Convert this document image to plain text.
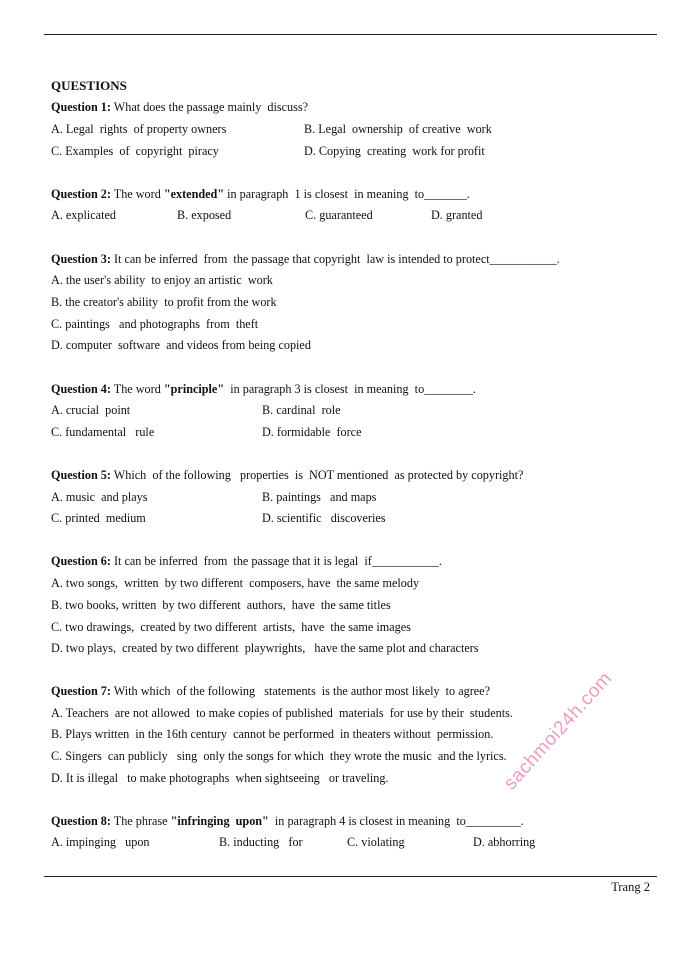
QUESTIONS
Question 1: What does the passage mainly  discuss?
A. Legal  rights  of property owners	B. Legal  ownership  of creative  work
C. Examples  of  copyright  piracy	D. Copying  creating  work for profit
Question 2: The word "extended" in paragraph  1 is closest  in meaning  to_______.
A. explicated	B. exposed	C. guaranteed	D. granted
Question 3: It can be inferred  from  the passage that copyright  law is intended to protect___________.
A. the user's ability  to enjoy an artistic  work
B. the creator's ability  to profit from the work
C. paintings   and photographs  from  theft
D. computer  software  and videos from being copied
Question 4: The word "principle"  in paragraph 3 is closest  in meaning  to________.
A. crucial  point	B. cardinal  role
C. fundamental   rule	D. formidable  force
Question 5: Which  of the following   properties  is  NOT mentioned  as protected by copyright?
A. music  and plays	B. paintings   and maps
C. printed  medium	D. scientific   discoveries
Question 6: It can be inferred  from  the passage that it is legal  if___________.
A. two songs,  written  by two different  composers, have  the same melody
B. two books, written  by two different  authors,  have  the same titles
C. two drawings,  created by two different  artists,  have  the same images
D. two plays,  created by two different  playwrights,   have the same plot and characters
Question 7: With which  of the following   statements  is the author most likely  to agree?
A. Teachers  are not allowed  to make copies of published  materials  for use by their  students.
B. Plays written  in the 16th century  cannot be performed  in theaters without  permission.
C. Singers  can publicly   sing  only the songs for which  they wrote the music  and the lyrics.
D. It is illegal   to make photographs  when sightseeing   or traveling.
Question 8: The phrase "infringing  upon"  in paragraph 4 is closest in meaning  to_________.
A. impinging   upon	B. inducting   for	C. violating	D. abhorring
Trang 2
sachmoi24h.com
